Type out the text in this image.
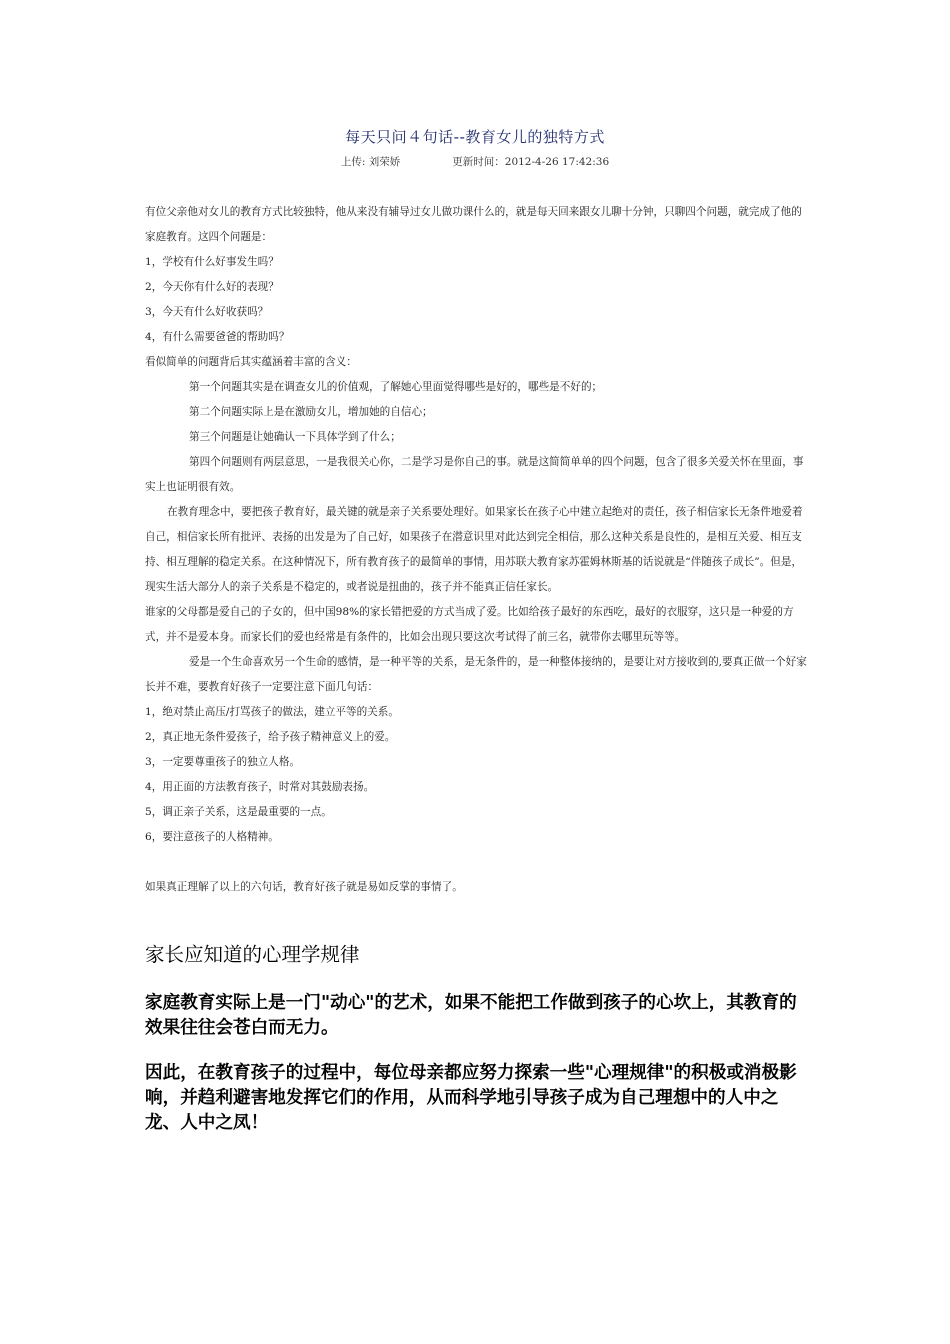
每天只问４句话--教育女儿的独特方式
上传: 刘荣娇	更新时间：2012-4-26 17:42:36

有位父亲他对女儿的教育方式比较独特，他从来没有辅导过女儿做功课什么的，就是每天回来跟女儿聊十分钟，只聊四个问题，就完成了他的家庭教育。这四个问题是：

1，学校有什么好事发生吗？

2，今天你有什么好的表现？

3，今天有什么好收获吗？

4，有什么需要爸爸的帮助吗？

看似简单的问题背后其实蕴涵着丰富的含义：

第一个问题其实是在调查女儿的价值观，了解她心里面觉得哪些是好的，哪些是不好的；

第二个问题实际上是在激励女儿，增加她的自信心；

第三个问题是让她确认一下具体学到了什么；

第四个问题则有两层意思，一是我很关心你，二是学习是你自己的事。就是这简简单单的四个问题，包含了很多关爱关怀在里面，事实上也证明很有效。

在教育理念中，要把孩子教育好，最关键的就是亲子关系要处理好。如果家长在孩子心中建立起绝对的责任，孩子相信家长无条件地爱着自己，相信家长所有批评、表扬的出发是为了自己好，如果孩子在潜意识里对此达到完全相信，那么这种关系是良性的，是相互关爱、相互支持、相互理解的稳定关系。在这种情况下，所有教育孩子的最简单的事情，用苏联大教育家苏霍姆林斯基的话说就是“伴随孩子成长”。但是，现实生活大部分人的亲子关系是不稳定的，或者说是扭曲的，孩子并不能真正信任家长。

谁家的父母都是爱自己的子女的，但中国98%的家长错把爱的方式当成了爱。比如给孩子最好的东西吃，最好的衣服穿，这只是一种爱的方式，并不是爱本身。而家长们的爱也经常是有条件的，比如会出现只要这次考试得了前三名，就带你去哪里玩等等。

爱是一个生命喜欢另一个生命的感情，是一种平等的关系，是无条件的，是一种整体接纳的，是要让对方接收到的,要真正做一个好家长并不难，要教育好孩子一定要注意下面几句话：

1，绝对禁止高压/打骂孩子的做法，建立平等的关系。

2，真正地无条件爱孩子，给予孩子精神意义上的爱。

3，一定要尊重孩子的独立人格。

4，用正面的方法教育孩子，时常对其鼓励表扬。

5，调正亲子关系，这是最重要的一点。

6，要注意孩子的人格精神。

如果真正理解了以上的六句话，教育好孩子就是易如反掌的事情了。

家长应知道的心理学规律
家庭教育实际上是一门"动心"的艺术，如果不能把工作做到孩子的心坎上，其教育的效果往往会苍白而无力。
因此，在教育孩子的过程中，每位母亲都应努力探索一些"心理规律"的积极或消极影响，并趋利避害地发挥它们的作用，从而科学地引导孩子成为自己理想中的人中之龙、人中之凤！
